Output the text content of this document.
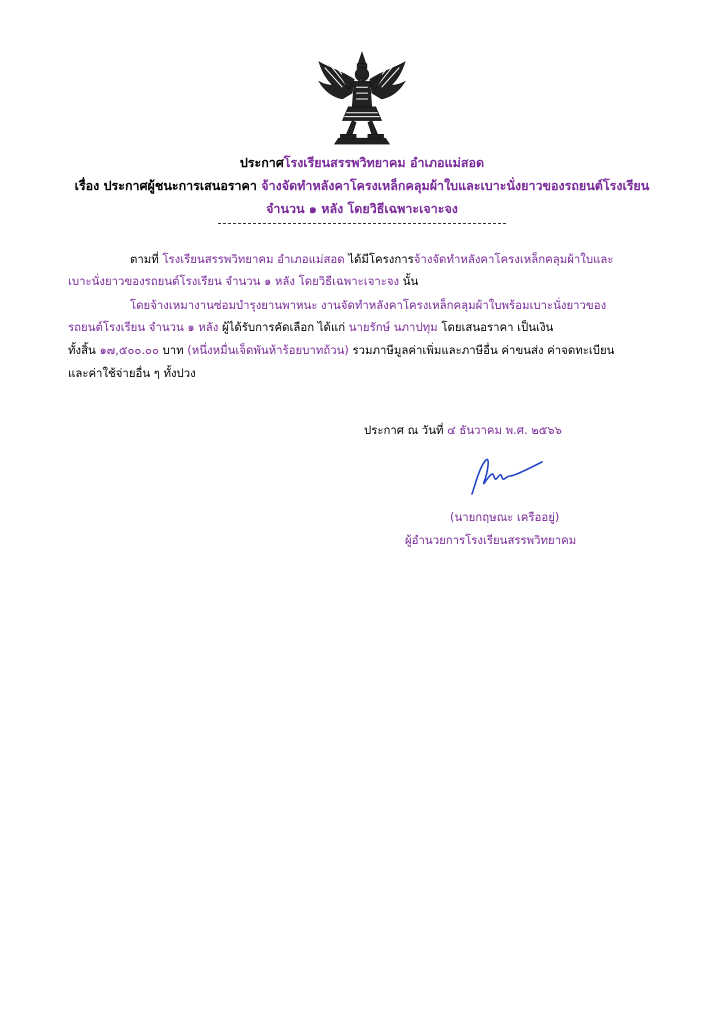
ประกาศโรงเรียนสรรพวิทยาคม อำเภอแม่สอด
เรื่อง ประกาศผู้ชนะการเสนอราคา จ้างจัดทำหลังคาโครงเหล็กคลุมผ้าใบและเบาะนั่งยาวของรถยนต์โรงเรียน
จำนวน ๑ หลัง โดยวิธีเฉพาะเจาะจง
ตามที่ โรงเรียนสรรพวิทยาคม อำเภอแม่สอด ได้มีโครงการจ้างจัดทำหลังคาโครงเหล็กคลุมผ้าใบและ
เบาะนั่งยาวของรถยนต์โรงเรียน จำนวน ๑ หลัง โดยวิธีเฉพาะเจาะจง นั้น
โดยจ้างเหมางานซ่อมบำรุงยานพาหนะ งานจัดทำหลังคาโครงเหล็กคลุมผ้าใบพร้อมเบาะนั่งยาวของ
รถยนต์โรงเรียน จำนวน ๑ หลัง ผู้ได้รับการคัดเลือก ได้แก่ นายรักษ์ นภาปทุม โดยเสนอราคา เป็นเงิน
ทั้งสิ้น ๑๗,๕๐๐.๐๐ บาท (หนึ่งหมื่นเจ็ดพันห้าร้อยบาทถ้วน) รวมภาษีมูลค่าเพิ่มและภาษีอื่น ค่าขนส่ง ค่าจดทะเบียน
และค่าใช้จ่ายอื่น ๆ ทั้งปวง
ประกาศ ณ วันที่ ๔ ธันวาคม พ.ศ. ๒๕๖๖
(นายกฤษณะ เครืออยู่)
ผู้อำนวยการโรงเรียนสรรพวิทยาคม
